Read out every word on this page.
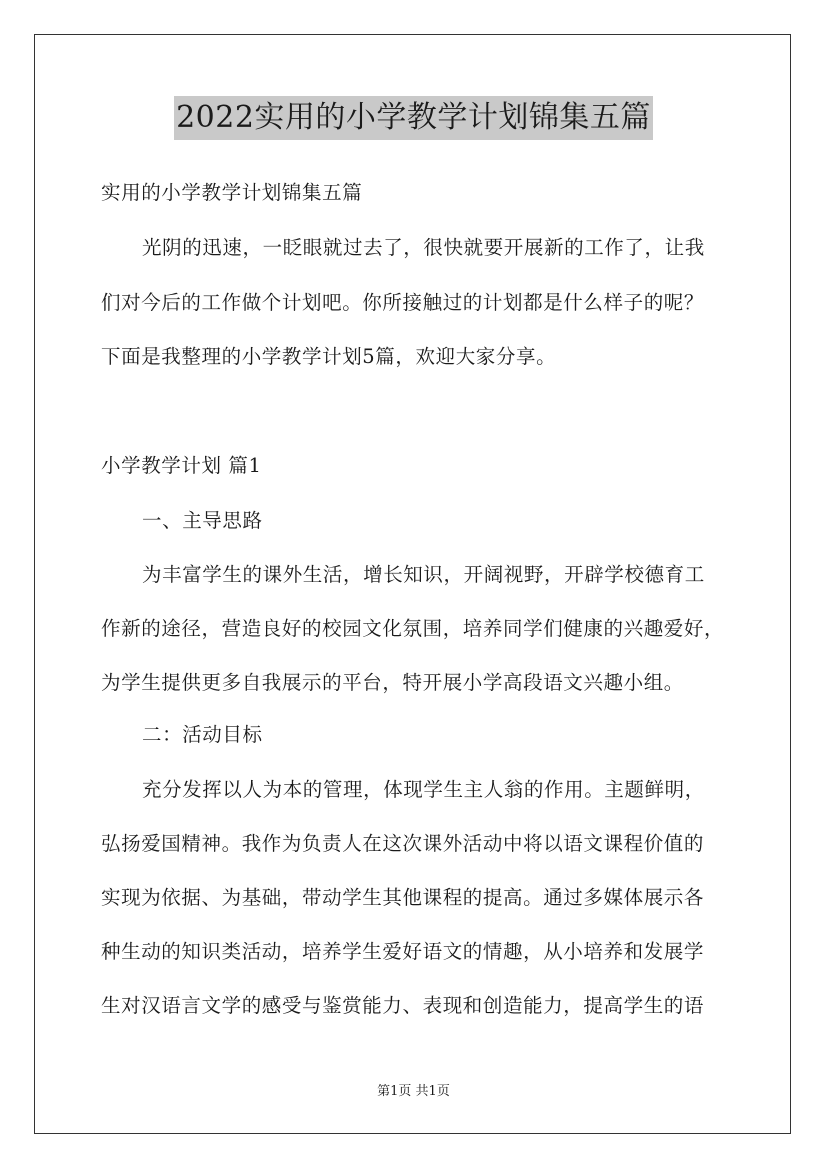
2022实用的小学教学计划锦集五篇
实用的小学教学计划锦集五篇
光阴的迅速，一眨眼就过去了，很快就要开展新的工作了，让我
们对今后的工作做个计划吧。你所接触过的计划都是什么样子的呢？
下面是我整理的小学教学计划5篇，欢迎大家分享。
小学教学计划 篇1
一、主导思路
为丰富学生的课外生活，增长知识，开阔视野，开辟学校德育工
作新的途径，营造良好的校园文化氛围，培养同学们健康的兴趣爱好，
为学生提供更多自我展示的平台，特开展小学高段语文兴趣小组。
二：活动目标
充分发挥以人为本的管理，体现学生主人翁的作用。主题鲜明，
弘扬爱国精神。我作为负责人在这次课外活动中将以语文课程价值的
实现为依据、为基础，带动学生其他课程的提高。通过多媒体展示各
种生动的知识类活动，培养学生爱好语文的情趣，从小培养和发展学
生对汉语言文学的感受与鉴赏能力、表现和创造能力，提高学生的语
第1页 共1页
